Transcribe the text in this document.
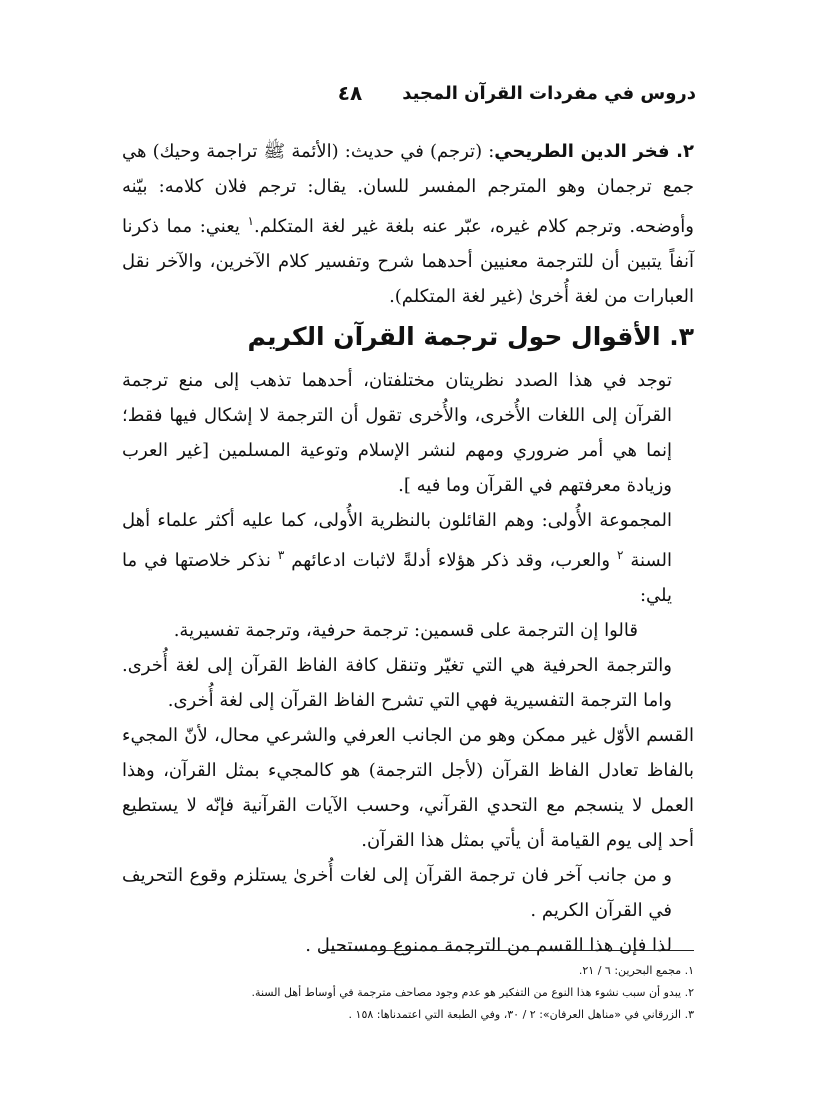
دروس في مفردات القرآن المجيد
٤٨
٢. فخر الدين الطريحي: (ترجم) في حديث: (الأئمة ﷺ تراجمة وحيك) هي جمع ترجمان وهو المترجم المفسر للسان. يقال: ترجم فلان كلامه: بيّنه وأوضحه. وترجم كلام غيره، عبّر عنه بلغة غير لغة المتكلم.$^١$ يعني: مما ذكرنا آنفاً يتبين أن للترجمة معنيين أحدهما شرح وتفسير كلام الآخرين، والآخر نقل العبارات من لغة أُخرىٰ (غير لغة المتكلم).
٣. الأقوال حول ترجمة القرآن الكريم

توجد في هذا الصدد نظريتان مختلفتان، أحدهما تذهب إلى منع ترجمة القرآن إلى اللغات الأُخرى، والأُخرى تقول أن الترجمة لا إشكال فيها فقط؛ إنما هي أمر ضروري ومهم لنشر الإسلام وتوعية المسلمين [غير العرب وزيادة معرفتهم في القرآن وما فيه ].

المجموعة الأُولى: وهم القائلون بالنظرية الأُولى، كما عليه أكثر علماء أهل السنة $^٢$ والعرب، وقد ذكر هؤلاء أدلةً لاثبات ادعائهم $^٣$ نذكر خلاصتها في ما يلي:

قالوا إن الترجمة على قسمين: ترجمة حرفية، وترجمة تفسيرية.

والترجمة الحرفية هي التي تغيّر وتنقل كافة الفاظ القرآن إلى لغة أُخرى. واما الترجمة التفسيرية فهي التي تشرح الفاظ القرآن إلى لغة أُخرى.

القسم الأوّل غير ممكن وهو من الجانب العرفي والشرعي محال، لأنّ المجيء بالفاظ تعادل الفاظ القرآن (لأجل الترجمة) هو كالمجيء بمثل القرآن، وهذا العمل لا ينسجم مع التحدي القرآني، وحسب الآيات القرآنية فإنّه لا يستطيع أحد إلى يوم القيامة أن يأتي بمثل هذا القرآن.

و من جانب آخر فان ترجمة القرآن إلى لغات أُخرىٰ يستلزم وقوع التحريف في القرآن الكريم .

لذا فإن هذا القسم من الترجمة ممنوع ومستحيل .

١. مجمع البحرين: ٦ / ٢١.
٢. يبدو أن سبب نشوء هذا النوع من التفكير هو عدم وجود مصاحف مترجمة في أوساط أهل السنة.
٣. الزرقاني في «مناهل العرفان»: ٢ / ٣٠، وفي الطبعة التي اعتمدناها: ١٥٨ .
